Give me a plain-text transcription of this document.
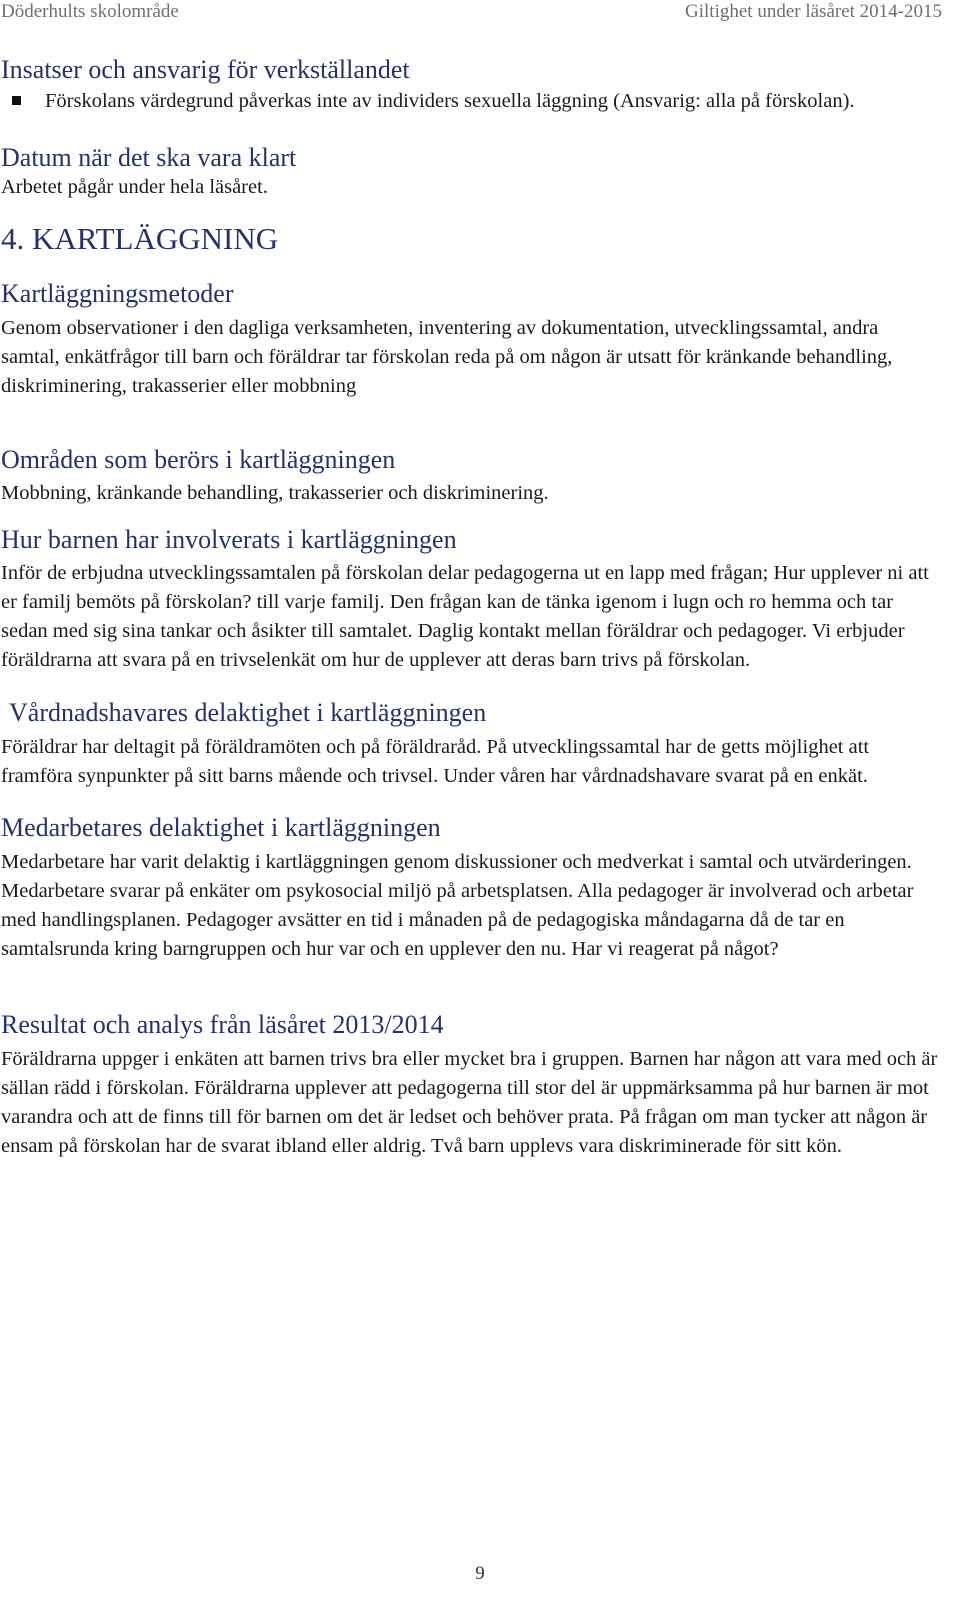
Döderhults skolområde	Giltighet under läsåret 2014-2015
Insatser och ansvarig för verkställandet
Förskolans värdegrund påverkas inte av individers sexuella läggning (Ansvarig: alla på förskolan).
Datum när det ska vara klart

Arbetet pågår under hela läsåret.

4. KARTLÄGGNING
Kartläggningsmetoder

Genom observationer i den dagliga verksamheten, inventering av dokumentation, utvecklingssamtal, andra samtal, enkätfrågor till barn och föräldrar tar förskolan reda på om någon är utsatt för kränkande behandling, diskriminering, trakasserier eller mobbning

Områden som berörs i kartläggningen

Mobbning, kränkande behandling, trakasserier och diskriminering.

Hur barnen har involverats i kartläggningen

Inför de erbjudna utvecklingssamtalen på förskolan delar pedagogerna ut en lapp med frågan; Hur upplever ni att er familj bemöts på förskolan? till varje familj. Den frågan kan de tänka igenom i lugn och ro hemma och tar sedan med sig sina tankar och åsikter till samtalet. Daglig kontakt mellan föräldrar och pedagoger. Vi erbjuder föräldrarna att svara på en trivselenkät om hur de upplever att deras barn trivs på förskolan.

Vårdnadshavares delaktighet i kartläggningen

Föräldrar har deltagit på föräldramöten och på föräldraråd. På utvecklingssamtal har de getts möjlighet att framföra synpunkter på sitt barns mående och trivsel. Under våren har vårdnadshavare svarat på en enkät.

Medarbetares delaktighet i kartläggningen

Medarbetare har varit delaktig i kartläggningen genom diskussioner och medverkat i samtal och utvärderingen. Medarbetare svarar på enkäter om psykosocial miljö på arbetsplatsen. Alla pedagoger är involverad och arbetar med handlingsplanen. Pedagoger avsätter en tid i månaden på de pedagogiska måndagarna då de tar en samtalsrunda kring barngruppen och hur var och en upplever den nu. Har vi reagerat på något?

Resultat och analys från läsåret 2013/2014

Föräldrarna uppger i enkäten att barnen trivs bra eller mycket bra i gruppen. Barnen har någon att vara med och är sällan rädd i förskolan. Föräldrarna upplever att pedagogerna till stor del är uppmärksamma på hur barnen är mot varandra och att de finns till för barnen om det är ledset och behöver prata. På frågan om man tycker att någon är ensam på förskolan har de svarat ibland eller aldrig. Två barn upplevs vara diskriminerade för sitt kön.

9
